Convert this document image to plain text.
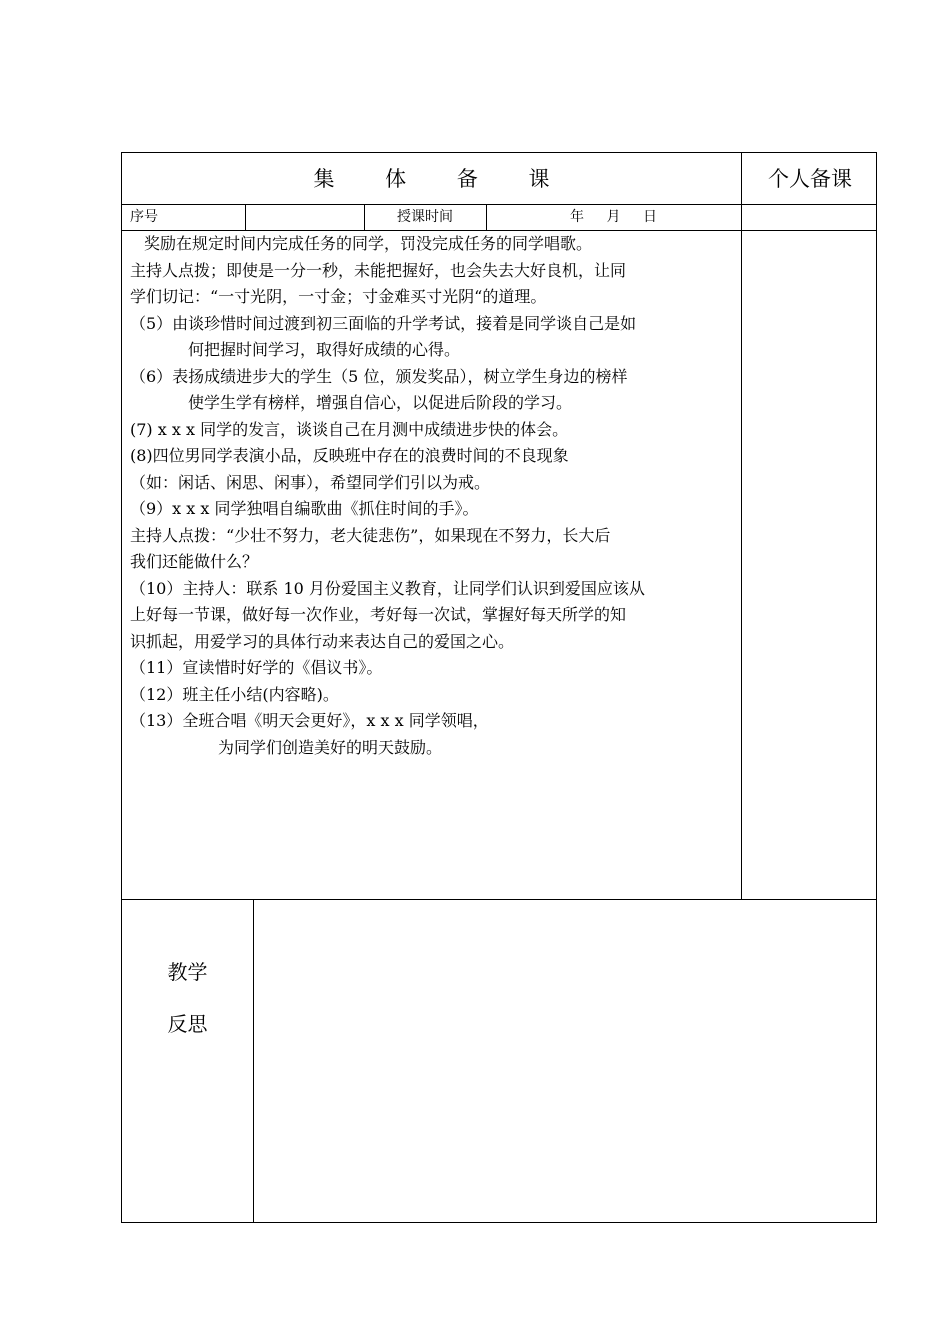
集 体 备 课	个人备课
序号	授课时间	年 月 日
奖励在规定时间内完成任务的同学，罚没完成任务的同学唱歌。
主持人点拨；即使是一分一秒，未能把握好，也会失去大好良机，让同
学们切记：“一寸光阴，一寸金；寸金难买寸光阴“的道理。
（5）由谈珍惜时间过渡到初三面临的升学考试，接着是同学谈自己是如
何把握时间学习，取得好成绩的心得。
（6）表扬成绩进步大的学生（5 位，颁发奖品），树立学生身边的榜样
使学生学有榜样，增强自信心，以促进后阶段的学习。
(7) x x x 同学的发言，谈谈自己在月测中成绩进步快的体会。
(8)四位男同学表演小品，反映班中存在的浪费时间的不良现象
（如：闲话、闲思、闲事），希望同学们引以为戒。
（9）x x x 同学独唱自编歌曲《抓住时间的手》。
主持人点拨：“少壮不努力，老大徒悲伤”，如果现在不努力，长大后
我们还能做什么？
（10）主持人：联系 10 月份爱国主义教育，让同学们认识到爱国应该从
上好每一节课，做好每一次作业，考好每一次试，掌握好每天所学的知
识抓起，用爱学习的具体行动来表达自己的爱国之心。
（11）宣读惜时好学的《倡议书》。
（12）班主任小结(内容略)。
（13）全班合唱《明天会更好》，x x x 同学领唱，
为同学们创造美好的明天鼓励。
教学
反思
